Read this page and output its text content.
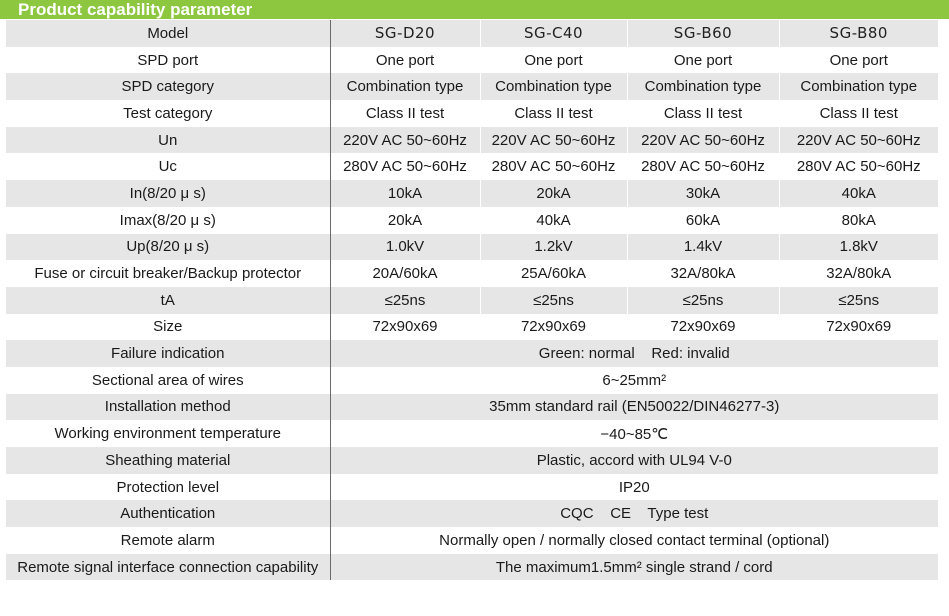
Product capability parameter
Model	SG-D20	SG-C40	SG-B60	SG-B80
SPD port	One port	One port	One port	One port
SPD category	Combination type	Combination type	Combination type	Combination type
Test category	Class II test	Class II test	Class II test	Class II test
Un	220V AC 50~60Hz	220V AC 50~60Hz	220V AC 50~60Hz	220V AC 50~60Hz
Uc	280V AC 50~60Hz	280V AC 50~60Hz	280V AC 50~60Hz	280V AC 50~60Hz
In(8/20 μ s)	10kA	20kA	30kA	40kA
Imax(8/20 μ s)	20kA	40kA	60kA	80kA
Up(8/20 μ s)	1.0kV	1.2kV	1.4kV	1.8kV
Fuse or circuit breaker/Backup protector	20A/60kA	25A/60kA	32A/80kA	32A/80kA
tA	≤25ns	≤25ns	≤25ns	≤25ns
Size	72x90x69	72x90x69	72x90x69	72x90x69
Failure indication	Green: normal    Red: invalid			
Sectional area of wires	6~25mm²			
Installation method	35mm standard rail (EN50022/DIN46277-3)			
Working environment temperature	−40~85℃			
Sheathing material	Plastic, accord with UL94 V-0			
Protection level	IP20			
Authentication	CQC    CE    Type test			
Remote alarm	Normally open / normally closed contact terminal (optional)			
Remote signal interface connection capability	The maximum1.5mm² single strand / cord			
